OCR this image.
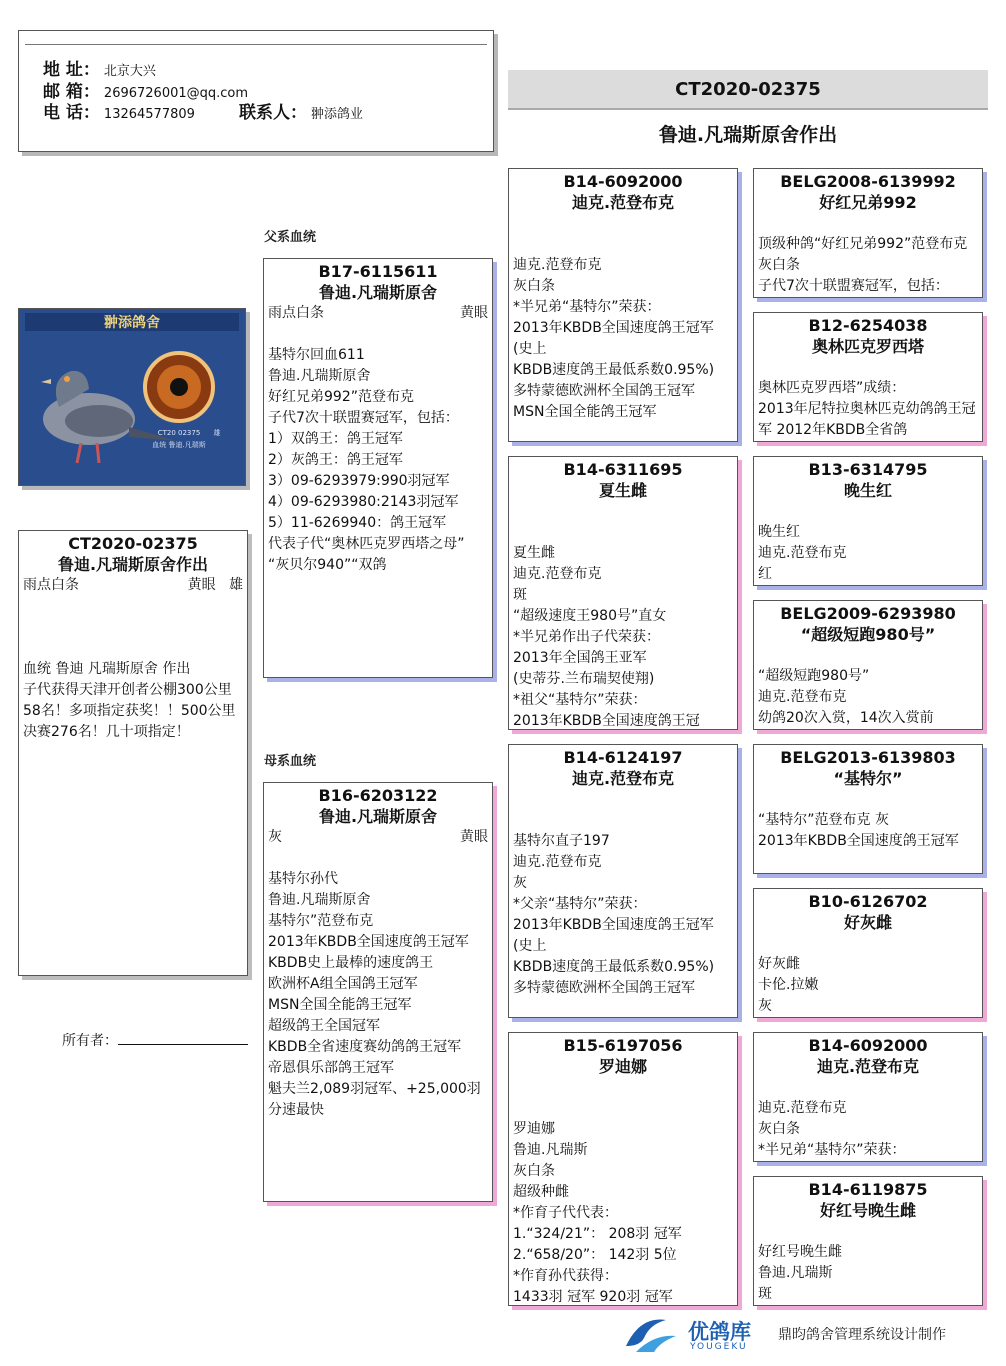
地 址： 北京大兴
邮 箱： 2696726001@qq.com
电 话： 13264577809	联系人： 翀添鸽业
CT2020-02375
鲁迪.凡瑞斯原舍作出
翀添鸽舍
CT20 02375 雄
血统 鲁迪.凡瑞斯
CT2020-02375
鲁迪.凡瑞斯原舍作出
雨点白条	黄眼 雄
血统 鲁迪 凡瑞斯原舍 作出
子代获得天津开创者公棚300公里58名！多项指定获奖！！500公里决赛276名！几十项指定！
所有者：
父系血统
母系血统
B17-6115611
鲁迪.凡瑞斯原舍
雨点白条	黄眼
基特尔回血611
鲁迪.凡瑞斯原舍
好红兄弟992”范登布克
子代7次十联盟赛冠军，包括：
1）双鸽王：鸽王冠军
2）灰鸽王：鸽王冠军
3）09-6293979:990羽冠军
4）09-6293980:2143羽冠军
5）11-6269940：鸽王冠军
代表子代“奥林匹克罗西塔之母”
“灰贝尔940”“双鸽
B16-6203122
鲁迪.凡瑞斯原舍
灰	黄眼
基特尔孙代
鲁迪.凡瑞斯原舍
基特尔”范登布克
2013年KBDB全国速度鸽王冠军
KBDB史上最棒的速度鸽王
欧洲杯A组全国鸽王冠军
MSN全国全能鸽王冠军
超级鸽王全国冠军
KBDB全省速度赛幼鸽鸽王冠军
帝恩俱乐部鸽王冠军
魁夫兰2,089羽冠军、+25,000羽分速最快
B14-6092000
迪克.范登布克
迪克.范登布克
灰白条
*半兄弟“基特尔”荣获：
2013年KBDB全国速度鸽王冠军(史上
KBDB速度鸽王最低系数0.95%)
多特蒙德欧洲杯全国鸽王冠军
MSN全国全能鸽王冠军
B14-6311695
夏生雌
夏生雌
迪克.范登布克
斑
“超级速度王980号”直女
*半兄弟作出子代荣获：
2013年全国鸽王亚军
(史蒂芬.兰布瑞契使翔)
*祖父“基特尔”荣获：
2013年KBDB全国速度鸽王冠
B14-6124197
迪克.范登布克
基特尔直子197
迪克.范登布克
灰
*父亲“基特尔”荣获：
2013年KBDB全国速度鸽王冠军(史上
KBDB速度鸽王最低系数0.95%)
多特蒙德欧洲杯全国鸽王冠军
B15-6197056
罗迪娜
罗迪娜
鲁迪.凡瑞斯
灰白条
超级种雌
*作育子代代表：
1.“324/21”： 208羽 冠军
2.“658/20”： 142羽 5位
*作育孙代获得：
1433羽 冠军 920羽 冠军
BELG2008-6139992
好红兄弟992
顶级种鸽“好红兄弟992”范登布克 灰白条
子代7次十联盟赛冠军，包括：
B12-6254038
奥林匹克罗西塔
奥林匹克罗西塔”成绩：
2013年尼特拉奥林匹克幼鸽鸽王冠军 2012年KBDB全省鸽
B13-6314795
晚生红
晚生红
迪克.范登布克
红
BELG2009-6293980
“超级短跑980号”
“超级短跑980号”
迪克.范登布克
幼鸽20次入赏，14次入赏前
BELG2013-6139803
“基特尔”
“基特尔”范登布克 灰
2013年KBDB全国速度鸽王冠军
B10-6126702
好灰雌
好灰雌
卡伦.拉嫩
灰
B14-6092000
迪克.范登布克
迪克.范登布克
灰白条
*半兄弟“基特尔”荣获：
B14-6119875
好红号晚生雌
好红号晚生雌
鲁迪.凡瑞斯
斑
优鸽库
YOUGEKU
鼎昀鸽舍管理系统设计制作
